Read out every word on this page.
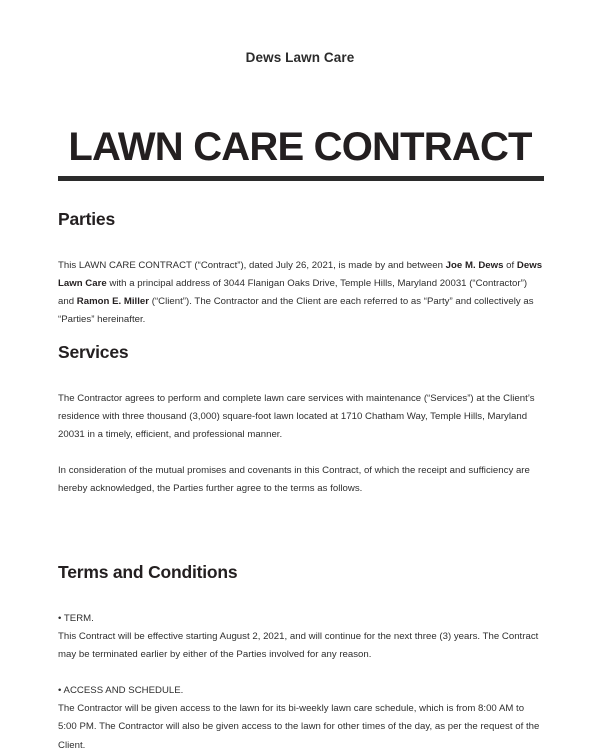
Dews Lawn Care
LAWN CARE CONTRACT
Parties

This LAWN CARE CONTRACT (“Contract”), dated July 26, 2021, is made by and between Joe M. Dews of Dews Lawn Care with a principal address of 3044 Flanigan Oaks Drive, Temple Hills, Maryland 20031 (“Contractor”) and Ramon E. Miller (“Client”). The Contractor and the Client are each referred to as “Party” and collectively as “Parties” hereinafter.

Services

The Contractor agrees to perform and complete lawn care services with maintenance (“Services”) at the Client’s residence with three thousand (3,000) square-foot lawn located at 1710 Chatham Way, Temple Hills, Maryland 20031 in a timely, efficient, and professional manner.

In consideration of the mutual promises and covenants in this Contract, of which the receipt and sufficiency are hereby acknowledged, the Parties further agree to the terms as follows.

Terms and Conditions

• TERM.

This Contract will be effective starting August 2, 2021, and will continue for the next three (3) years. The Contract may be terminated earlier by either of the Parties involved for any reason.

• ACCESS AND SCHEDULE.

The Contractor will be given access to the lawn for its bi-weekly lawn care schedule, which is from 8:00 AM to 5:00 PM. The Contractor will also be given access to the lawn for other times of the day, as per the request of the Client.
